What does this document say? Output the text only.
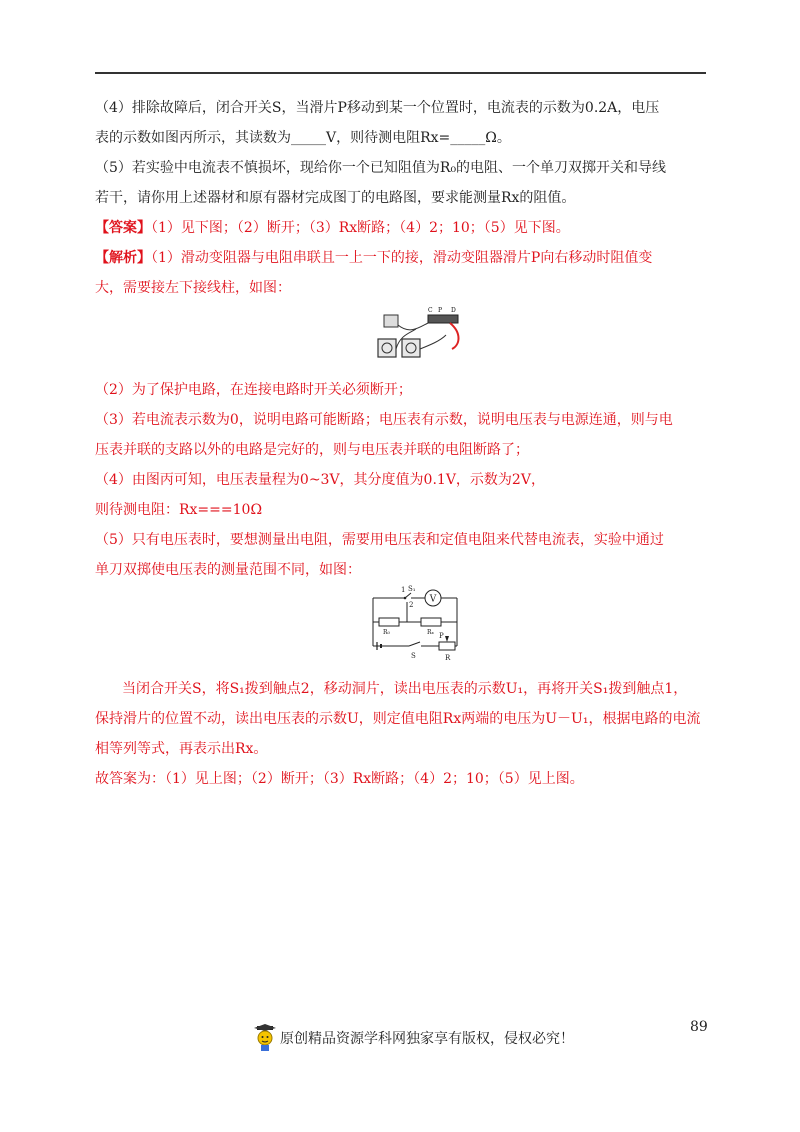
（4）排除故障后，闭合开关S，当滑片P移动到某一个位置时，电流表的示数为0.2A，电压
表的示数如图丙所示，其读数为_____V，则待测电阻Rx=_____Ω。
（5）若实验中电流表不慎损坏，现给你一个已知阻值为R₀的电阻、一个单刀双掷开关和导线
若干，请你用上述器材和原有器材完成图丁的电路图，要求能测量Rx的阻值。
【答案】（1）见下图；（2）断开；（3）Rx断路；（4）2；10；（5）见下图。
【解析】（1）滑动变阻器与电阻串联且一上一下的接，滑动变阻器滑片P向右移动时阻值变
大，需要接左下接线柱，如图：
C P D
（2）为了保护电路，在连接电路时开关必须断开；
（3）若电流表示数为0，说明电路可能断路；电压表有示数，说明电压表与电源连通，则与电
压表并联的支路以外的电路是完好的，则与电压表并联的电阻断路了；
（4）由图丙可知，电压表量程为0~3V，其分度值为0.1V，示数为2V，
则待测电阻：Rx===10Ω
（5）只有电压表时，要想测量出电阻，需要用电压表和定值电阻来代替电流表，实验中通过
单刀双掷使电压表的测量范围不同，如图：
V
1 S₁
2
R₀	Rₓ
S
P
R
当闭合开关S，将S₁拨到触点2，移动洞片，读出电压表的示数U₁，再将开关S₁拨到触点1，
保持滑片的位置不动，读出电压表的示数U，则定值电阻Rx两端的电压为U－U₁，根据电路的电流
相等列等式，再表示出Rx。
故答案为：（1）见上图；（2）断开；（3）Rx断路；（4）2；10；（5）见上图。
89
原创精品资源学科网独家享有版权，侵权必究！
